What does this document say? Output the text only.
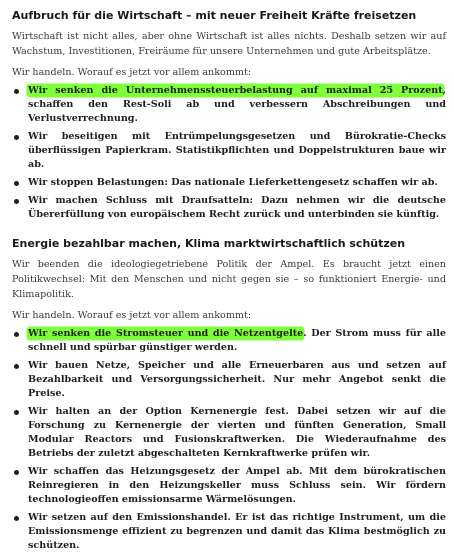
Aufbruch für die Wirtschaft – mit neuer Freiheit Kräfte freisetzen

Wirtschaft ist nicht alles, aber ohne Wirtschaft ist alles nichts. Deshalb setzen wir auf Wachstum, Investitionen, Freiräume für unsere Unternehmen und gute Arbeitsplätze.

Wir handeln. Worauf es jetzt vor allem ankommt:

Wir senken die Unternehmenssteuerbelastung auf maximal 25 Prozent, schaffen den Rest-Soli ab und verbessern Abschreibungen und Verlustverrechnung.
Wir beseitigen mit Entrümpelungsgesetzen und Bürokratie-Checks überflüssigen Papierkram. Statistikpflichten und Doppelstrukturen baue wir ab.
Wir stoppen Belastungen: Das nationale Lieferkettengesetz schaffen wir ab.
Wir machen Schluss mit Draufsatteln: Dazu nehmen wir die deutsche Übererfüllung von europäischem Recht zurück und unterbinden sie künftig.
Energie bezahlbar machen, Klima marktwirtschaftlich schützen

Wir beenden die ideologiegetriebene Politik der Ampel. Es braucht jetzt einen Politikwechsel: Mit den Menschen und nicht gegen sie – so funktioniert Energie- und Klimapolitik.

Wir handeln. Worauf es jetzt vor allem ankommt:

Wir senken die Stromsteuer und die Netzentgelte. Der Strom muss für alle schnell und spürbar günstiger werden.
Wir bauen Netze, Speicher und alle Erneuerbaren aus und setzen auf Bezahlbarkeit und Versorgungssicherheit. Nur mehr Angebot senkt die Preise.
Wir halten an der Option Kernenergie fest. Dabei setzen wir auf die Forschung zu Kernenergie der vierten und fünften Generation, Small Modular Reactors und Fusionskraftwerken. Die Wiederaufnahme des Betriebs der zuletzt abgeschalteten Kernkraftwerke prüfen wir.
Wir schaffen das Heizungsgesetz der Ampel ab. Mit dem bürokratischen Reinregieren in den Heizungskeller muss Schluss sein. Wir fördern technologieoffen emissionsarme Wärmelösungen.
Wir setzen auf den Emissionshandel. Er ist das richtige Instrument, um die Emissionsmenge effizient zu begrenzen und damit das Klima bestmöglich zu schützen.
